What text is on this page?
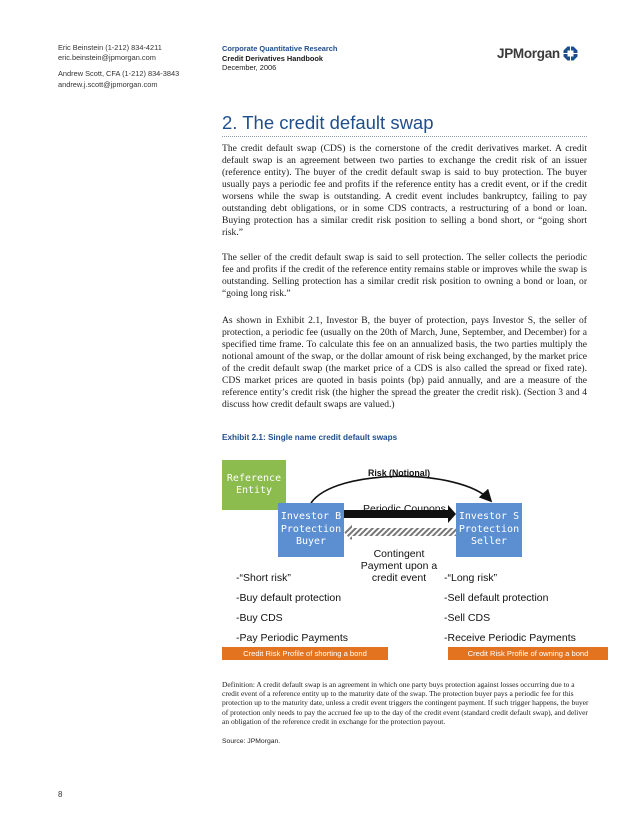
Eric Beinstein (1-212) 834-4211
eric.beinstein@jpmorgan.com
Andrew Scott, CFA (1-212) 834-3843
andrew.j.scott@jpmorgan.com
Corporate Quantitative Research
Credit Derivatives Handbook
December, 2006
JPMorgan
2. The credit default swap

The credit default swap (CDS) is the cornerstone of the credit derivatives market. A credit default swap is an agreement between two parties to exchange the credit risk of an issuer (reference entity). The buyer of the credit default swap is said to buy protection. The buyer usually pays a periodic fee and profits if the reference entity has a credit event, or if the credit worsens while the swap is outstanding. A credit event includes bankruptcy, failing to pay outstanding debt obligations, or in some CDS contracts, a restructuring of a bond or loan. Buying protection has a similar credit risk position to selling a bond short, or “going short risk.”

The seller of the credit default swap is said to sell protection. The seller collects the periodic fee and profits if the credit of the reference entity remains stable or improves while the swap is outstanding. Selling protection has a similar credit risk position to owning a bond or loan, or “going long risk.”

As shown in Exhibit 2.1, Investor B, the buyer of protection, pays Investor S, the seller of protection, a periodic fee (usually on the 20th of March, June, September, and December) for a specified time frame. To calculate this fee on an annualized basis, the two parties multiply the notional amount of the swap, or the dollar amount of risk being exchanged, by the market price of the credit default swap (the market price of a CDS is also called the spread or fixed rate). CDS market prices are quoted in basis points (bp) paid annually, and are a measure of the reference entity’s credit risk (the higher the spread the greater the credit risk). (Section 3 and 4 discuss how credit default swaps are valued.)

Exhibit 2.1: Single name credit default swaps
Reference
Entity
Investor B
Protection
Buyer
Investor S
Protection
Seller
Risk (Notional)
Periodic Coupons
Contingent Payment upon a credit event
-“Short risk”
-Buy default protection
-Buy CDS
-Pay Periodic Payments
-“Long risk”
-Sell default protection
-Sell CDS
-Receive Periodic Payments
Credit Risk Profile of shorting a bond	Credit Risk Profile of owning a bond

Definition: A credit default swap is an agreement in which one party buys protection against losses occurring due to a credit event of a reference entity up to the maturity date of the swap. The protection buyer pays a periodic fee for this protection up to the maturity date, unless a credit event triggers the contingent payment. If such trigger happens, the buyer of protection only needs to pay the accrued fee up to the day of the credit event (standard credit default swap), and deliver an obligation of the reference credit in exchange for the protection payout.

Source: JPMorgan.
8
